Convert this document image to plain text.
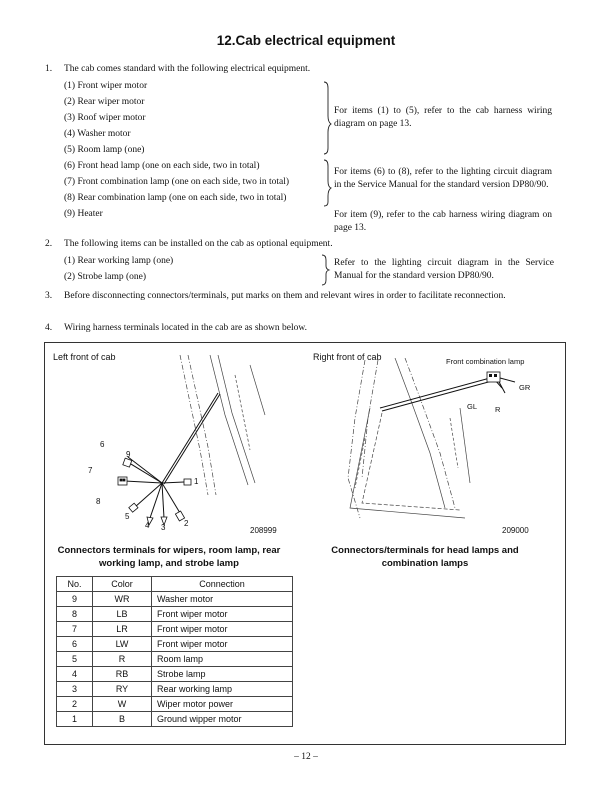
12.Cab electrical equipment
1. The cab comes standard with the following electrical equipment.
(1) Front wiper motor
(2) Rear wiper motor
(3) Roof wiper motor
(4) Washer motor
(5) Room lamp (one)
(6) Front head lamp (one on each side, two in total)
(7) Front combination lamp (one on each side, two in total)
(8) Rear combination lamp (one on each side, two in total)
(9) Heater
For items (1) to (5), refer to the cab harness wiring diagram on page 13.
For items (6) to (8), refer to the lighting circuit diagram in the Service Manual for the standard version DP80/90.
For item (9), refer to the cab harness wiring diagram on page 13.
2. The following items can be installed on the cab as optional equipment.
(1) Rear working lamp (one)
(2) Strobe lamp (one)
Refer to the lighting circuit diagram in the Service Manual for the standard version DP80/90.
3. Before disconnecting connectors/terminals, put marks on them and relevant wires in order to facilitate reconnection.
4. Wiring harness terminals located in the cab are as shown below.
Left front of cab	Right front of cab
1
2
3
4
5
6
7
8
9
208999	209000
Front combination lamp
GR
GL R
Connectors terminals for wipers, room lamp, rear working lamp, and strobe lamp
Connectors/terminals for head lamps and combination lamps
No.	Color	Connection
9	WR	Washer motor
8	LB	Front wiper motor
7	LR	Front wiper motor
6	LW	Front wiper motor
5	R	Room lamp
4	RB	Strobe lamp
3	RY	Rear working lamp
2	W	Wiper motor power
1	B	Ground wipper motor
– 12 –
